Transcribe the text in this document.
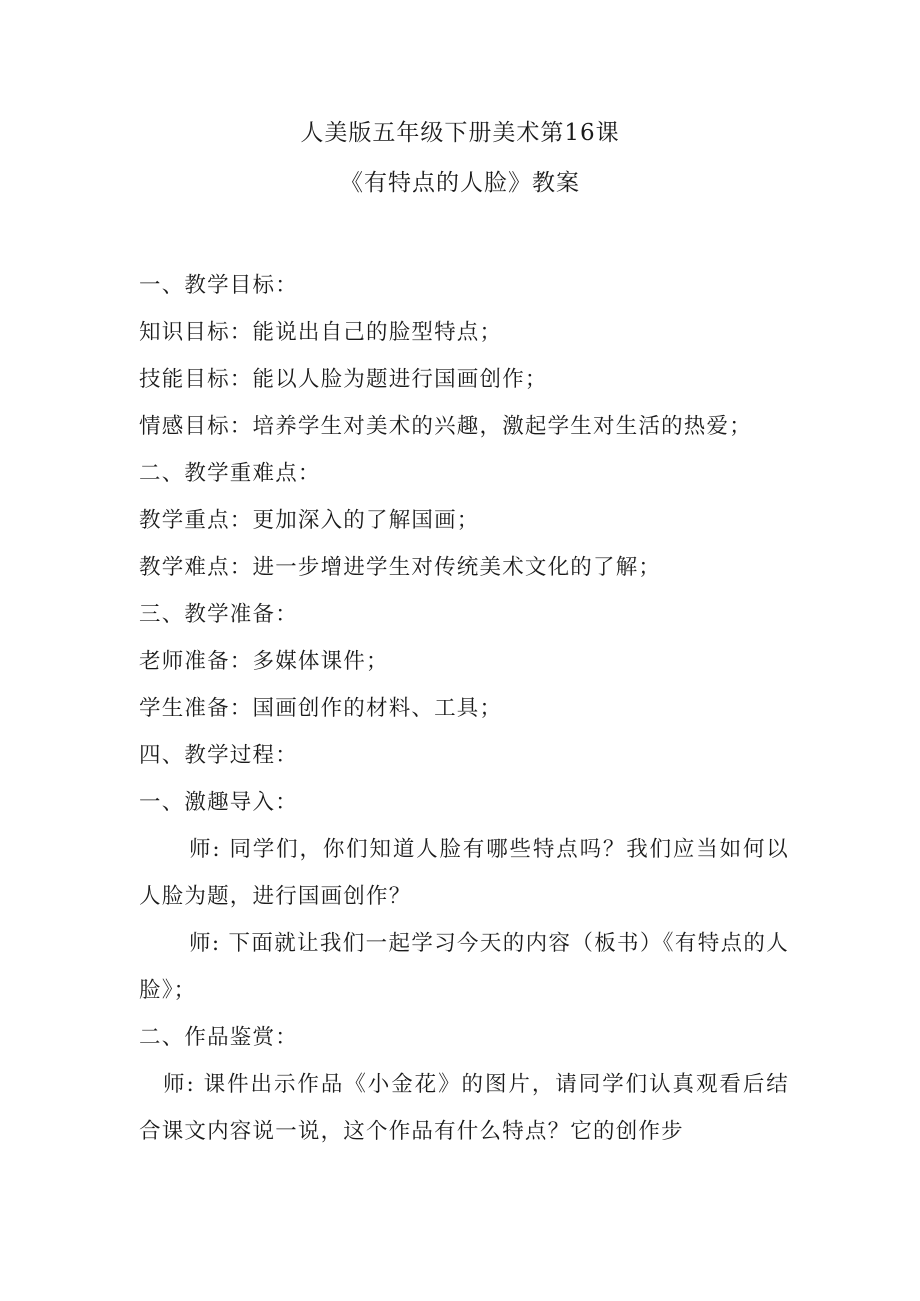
人美版五年级下册美术第16课
《有特点的人脸》教案
一、教学目标：
知识目标：能说出自己的脸型特点；
技能目标：能以人脸为题进行国画创作；
情感目标：培养学生对美术的兴趣，激起学生对生活的热爱；
二、教学重难点：
教学重点：更加深入的了解国画；
教学难点：进一步增进学生对传统美术文化的了解；
三、教学准备：
老师准备：多媒体课件；
学生准备：国画创作的材料、工具；
四、教学过程：
一、激趣导入：
师: 同学们，你们知道人脸有哪些特点吗？我们应当如何以人脸为题，进行国画创作？
师: 下面就让我们一起学习今天的内容（板书）《有特点的人脸》；
二、作品鉴赏：
师: 课件出示作品《小金花》的图片，请同学们认真观看后结合课文内容说一说，这个作品有什么特点？它的创作步
